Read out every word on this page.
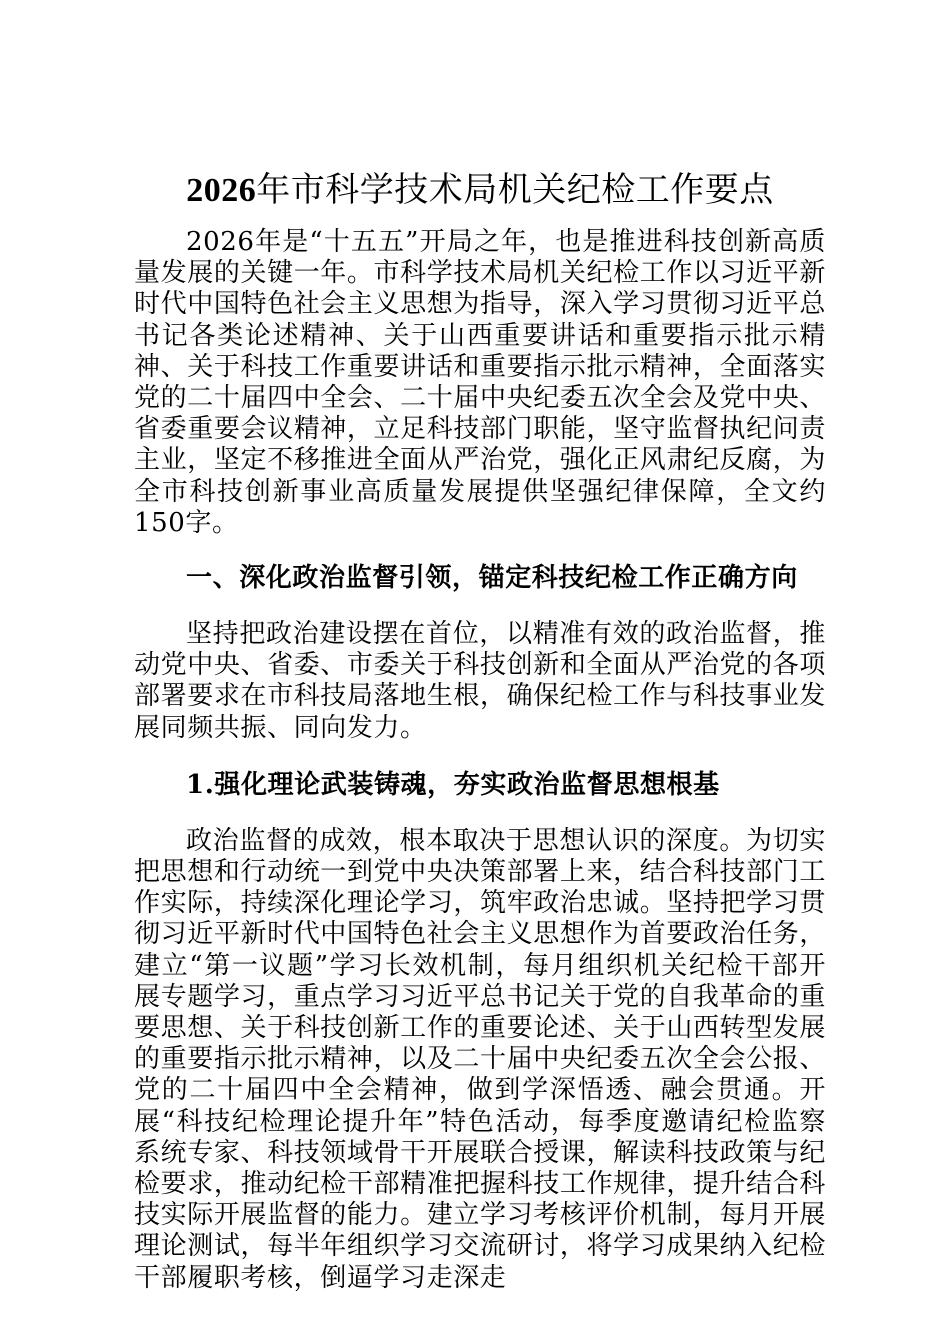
2026年市科学技术局机关纪检工作要点

2026年是“十五五”开局之年，也是推进科技创新高质量发展的关键一年。市科学技术局机关纪检工作以习近平新时代中国特色社会主义思想为指导，深入学习贯彻习近平总书记各类论述精神、关于山西重要讲话和重要指示批示精神、关于科技工作重要讲话和重要指示批示精神，全面落实党的二十届四中全会、二十届中央纪委五次全会及党中央、省委重要会议精神，立足科技部门职能，坚守监督执纪问责主业，坚定不移推进全面从严治党，强化正风肃纪反腐，为全市科技创新事业高质量发展提供坚强纪律保障，全文约150字。

一、深化政治监督引领，锚定科技纪检工作正确方向

坚持把政治建设摆在首位，以精准有效的政治监督，推动党中央、省委、市委关于科技创新和全面从严治党的各项部署要求在市科技局落地生根，确保纪检工作与科技事业发展同频共振、同向发力。

1.强化理论武装铸魂，夯实政治监督思想根基

政治监督的成效，根本取决于思想认识的深度。为切实把思想和行动统一到党中央决策部署上来，结合科技部门工作实际，持续深化理论学习，筑牢政治忠诚。坚持把学习贯彻习近平新时代中国特色社会主义思想作为首要政治任务，建立“第一议题”学习长效机制，每月组织机关纪检干部开展专题学习，重点学习习近平总书记关于党的自我革命的重要思想、关于科技创新工作的重要论述、关于山西转型发展的重要指示批示精神，以及二十届中央纪委五次全会公报、党的二十届四中全会精神，做到学深悟透、融会贯通。开展“科技纪检理论提升年”特色活动，每季度邀请纪检监察系统专家、科技领域骨干开展联合授课，解读科技政策与纪检要求，推动纪检干部精准把握科技工作规律，提升结合科技实际开展监督的能力。建立学习考核评价机制，每月开展理论测试，每半年组织学习交流研讨，将学习成果纳入纪检干部履职考核，倒逼学习走深走
